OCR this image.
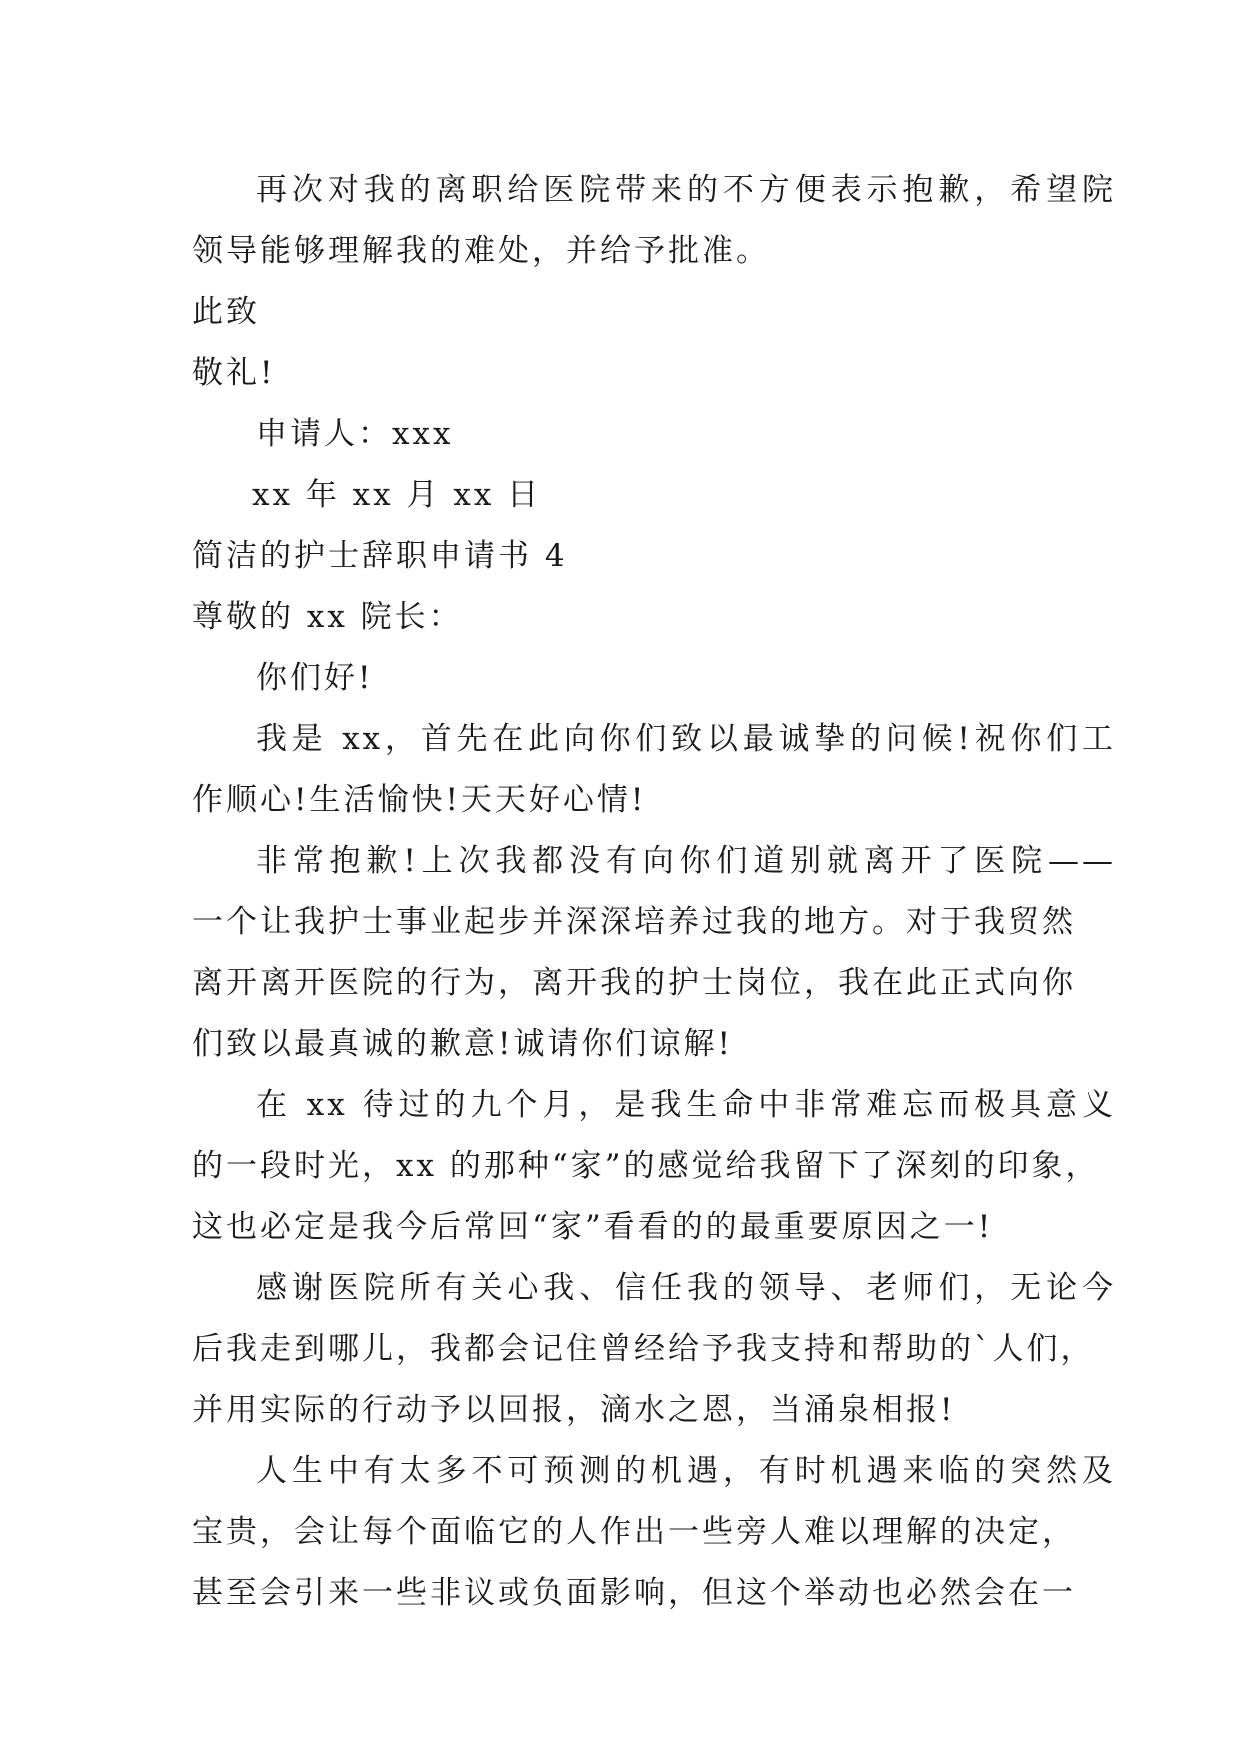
再次对我的离职给医院带来的不方便表示抱歉，希望院
领导能够理解我的难处，并给予批准。
此致
敬礼!
申请人：xxx
xx 年 xx 月 xx 日
简洁的护士辞职申请书 4
尊敬的 xx 院长：
你们好!
我是 xx，首先在此向你们致以最诚挚的问候!祝你们工
作顺心!生活愉快!天天好心情!
非常抱歉!上次我都没有向你们道别就离开了医院——
一个让我护士事业起步并深深培养过我的地方。对于我贸然
离开离开医院的行为，离开我的护士岗位，我在此正式向你
们致以最真诚的歉意!诚请你们谅解!
在 xx 待过的九个月，是我生命中非常难忘而极具意义
的一段时光，xx 的那种“家”的感觉给我留下了深刻的印象，
这也必定是我今后常回“家”看看的的最重要原因之一!
感谢医院所有关心我、信任我的领导、老师们，无论今
后我走到哪儿，我都会记住曾经给予我支持和帮助的`人们，
并用实际的行动予以回报，滴水之恩，当涌泉相报!
人生中有太多不可预测的机遇，有时机遇来临的突然及
宝贵，会让每个面临它的人作出一些旁人难以理解的决定，
甚至会引来一些非议或负面影响，但这个举动也必然会在一
